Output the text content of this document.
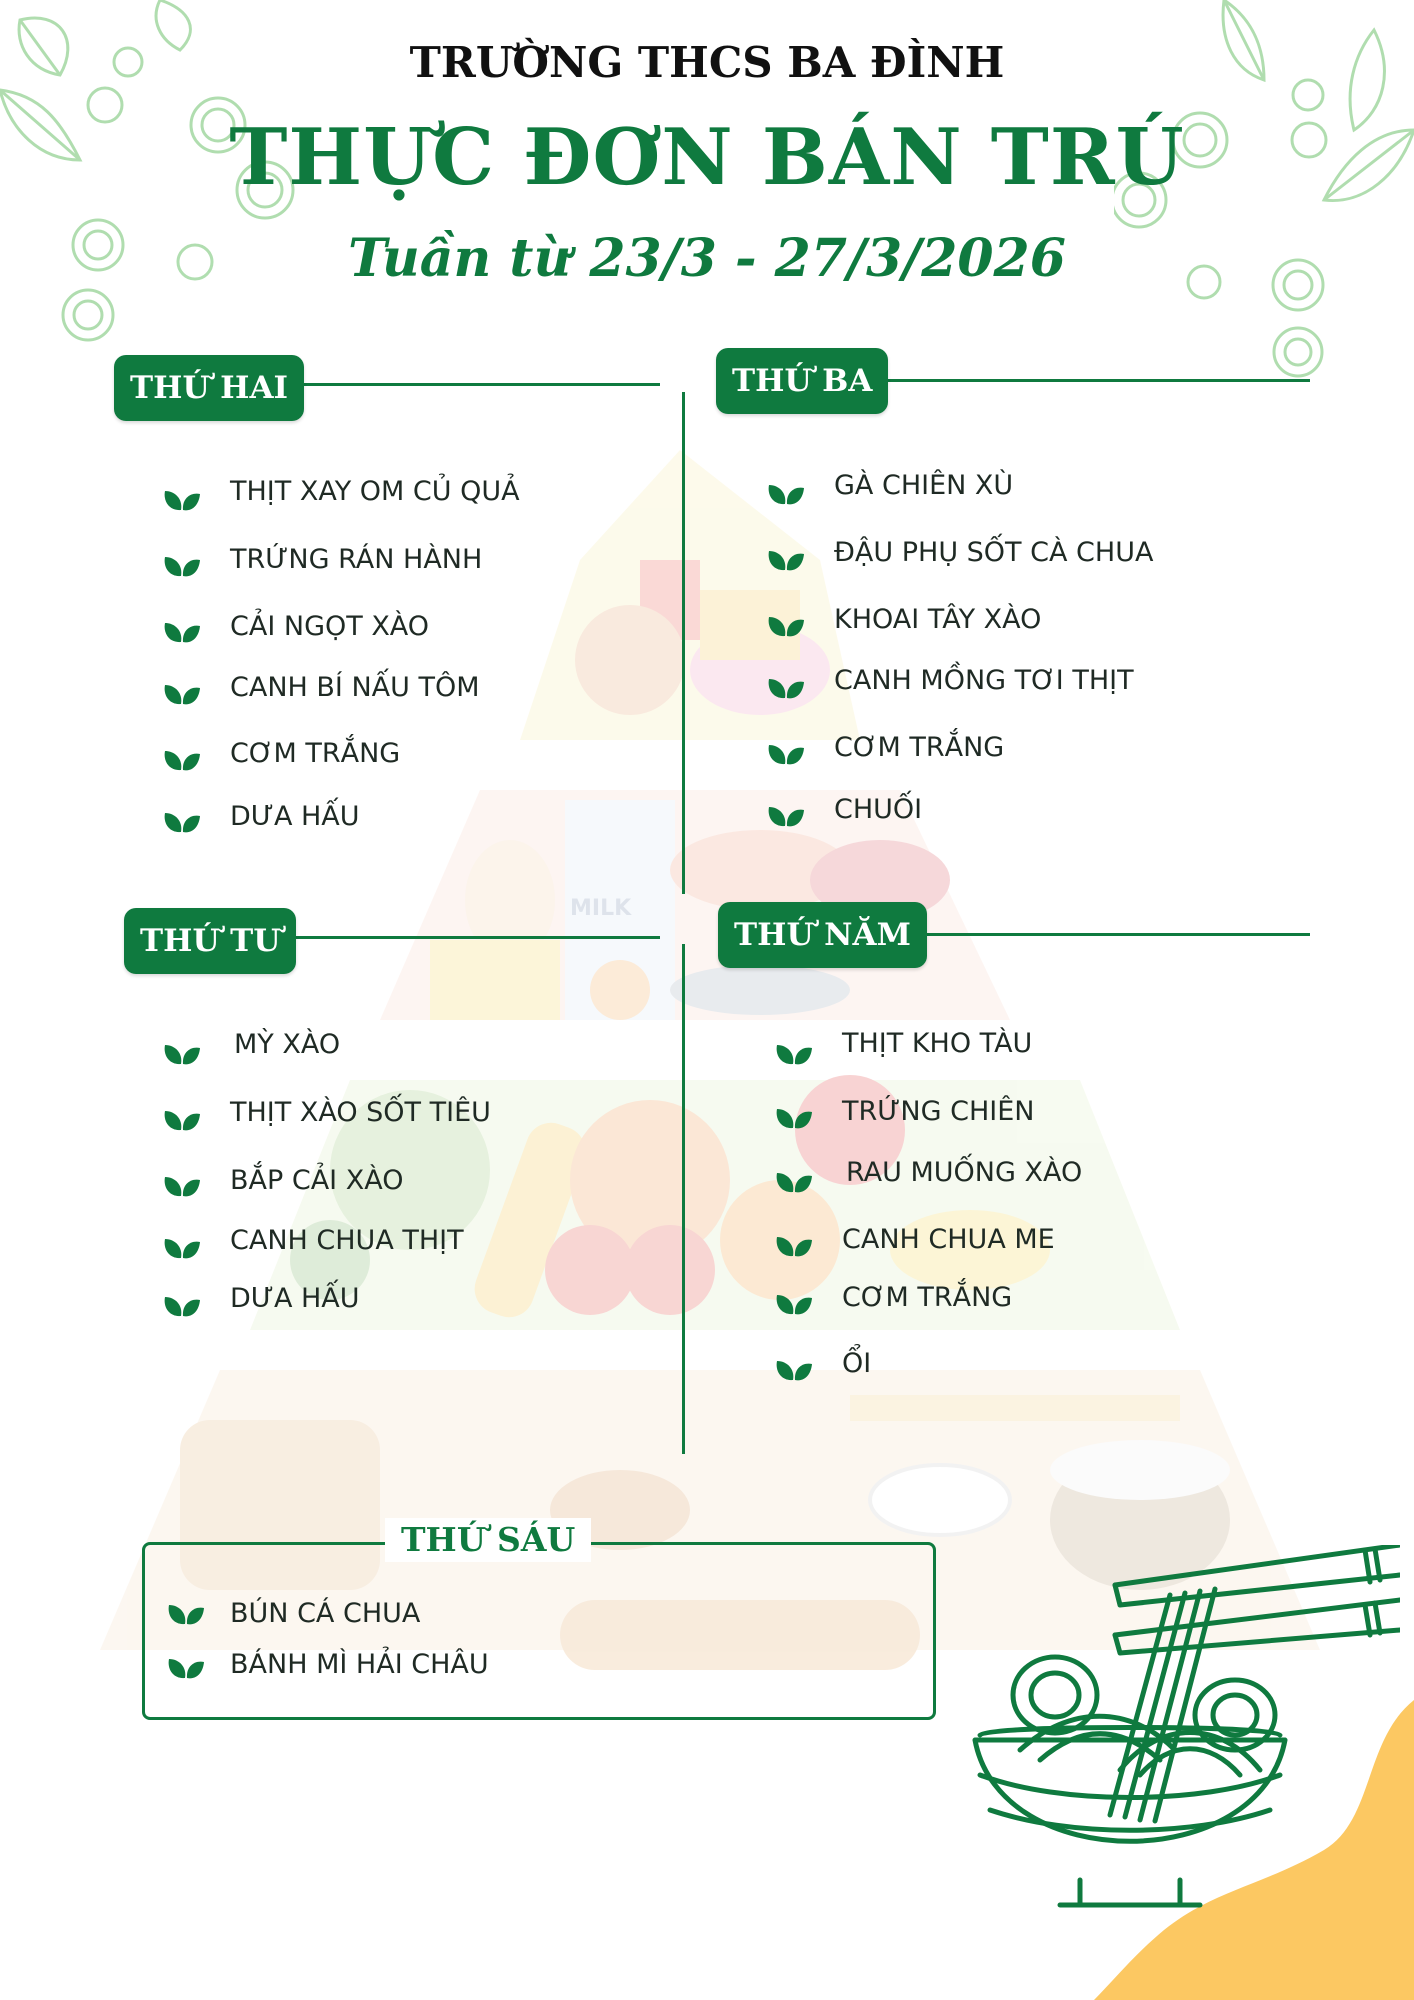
MILK
TRƯỜNG THCS BA ĐÌNH
THỰC ĐƠN BÁN TRÚ
Tuần từ 23/3 - 27/3/2026
THỨ HAI	THỨ BA
THỨ TƯ	THỨ NĂM
THỊT XAY OM CỦ QUẢ
TRỨNG RÁN HÀNH
CẢI NGỌT XÀO
CANH BÍ NẤU TÔM
CƠM TRẮNG
DƯA HẤU
GÀ CHIÊN XÙ
ĐẬU PHỤ SỐT CÀ CHUA
KHOAI TÂY XÀO
CANH MỒNG TƠI THỊT
CƠM TRẮNG
CHUỐI
MỲ XÀO
THỊT XÀO SỐT TIÊU
BẮP CẢI XÀO
CANH CHUA THỊT
DƯA HẤU
THỊT KHO TÀU
TRỨNG CHIÊN
RAU MUỐNG XÀO
CANH CHUA ME
CƠM TRẮNG
ỔI
THỨ SÁU
BÚN CÁ CHUA
BÁNH MÌ HẢI CHÂU
